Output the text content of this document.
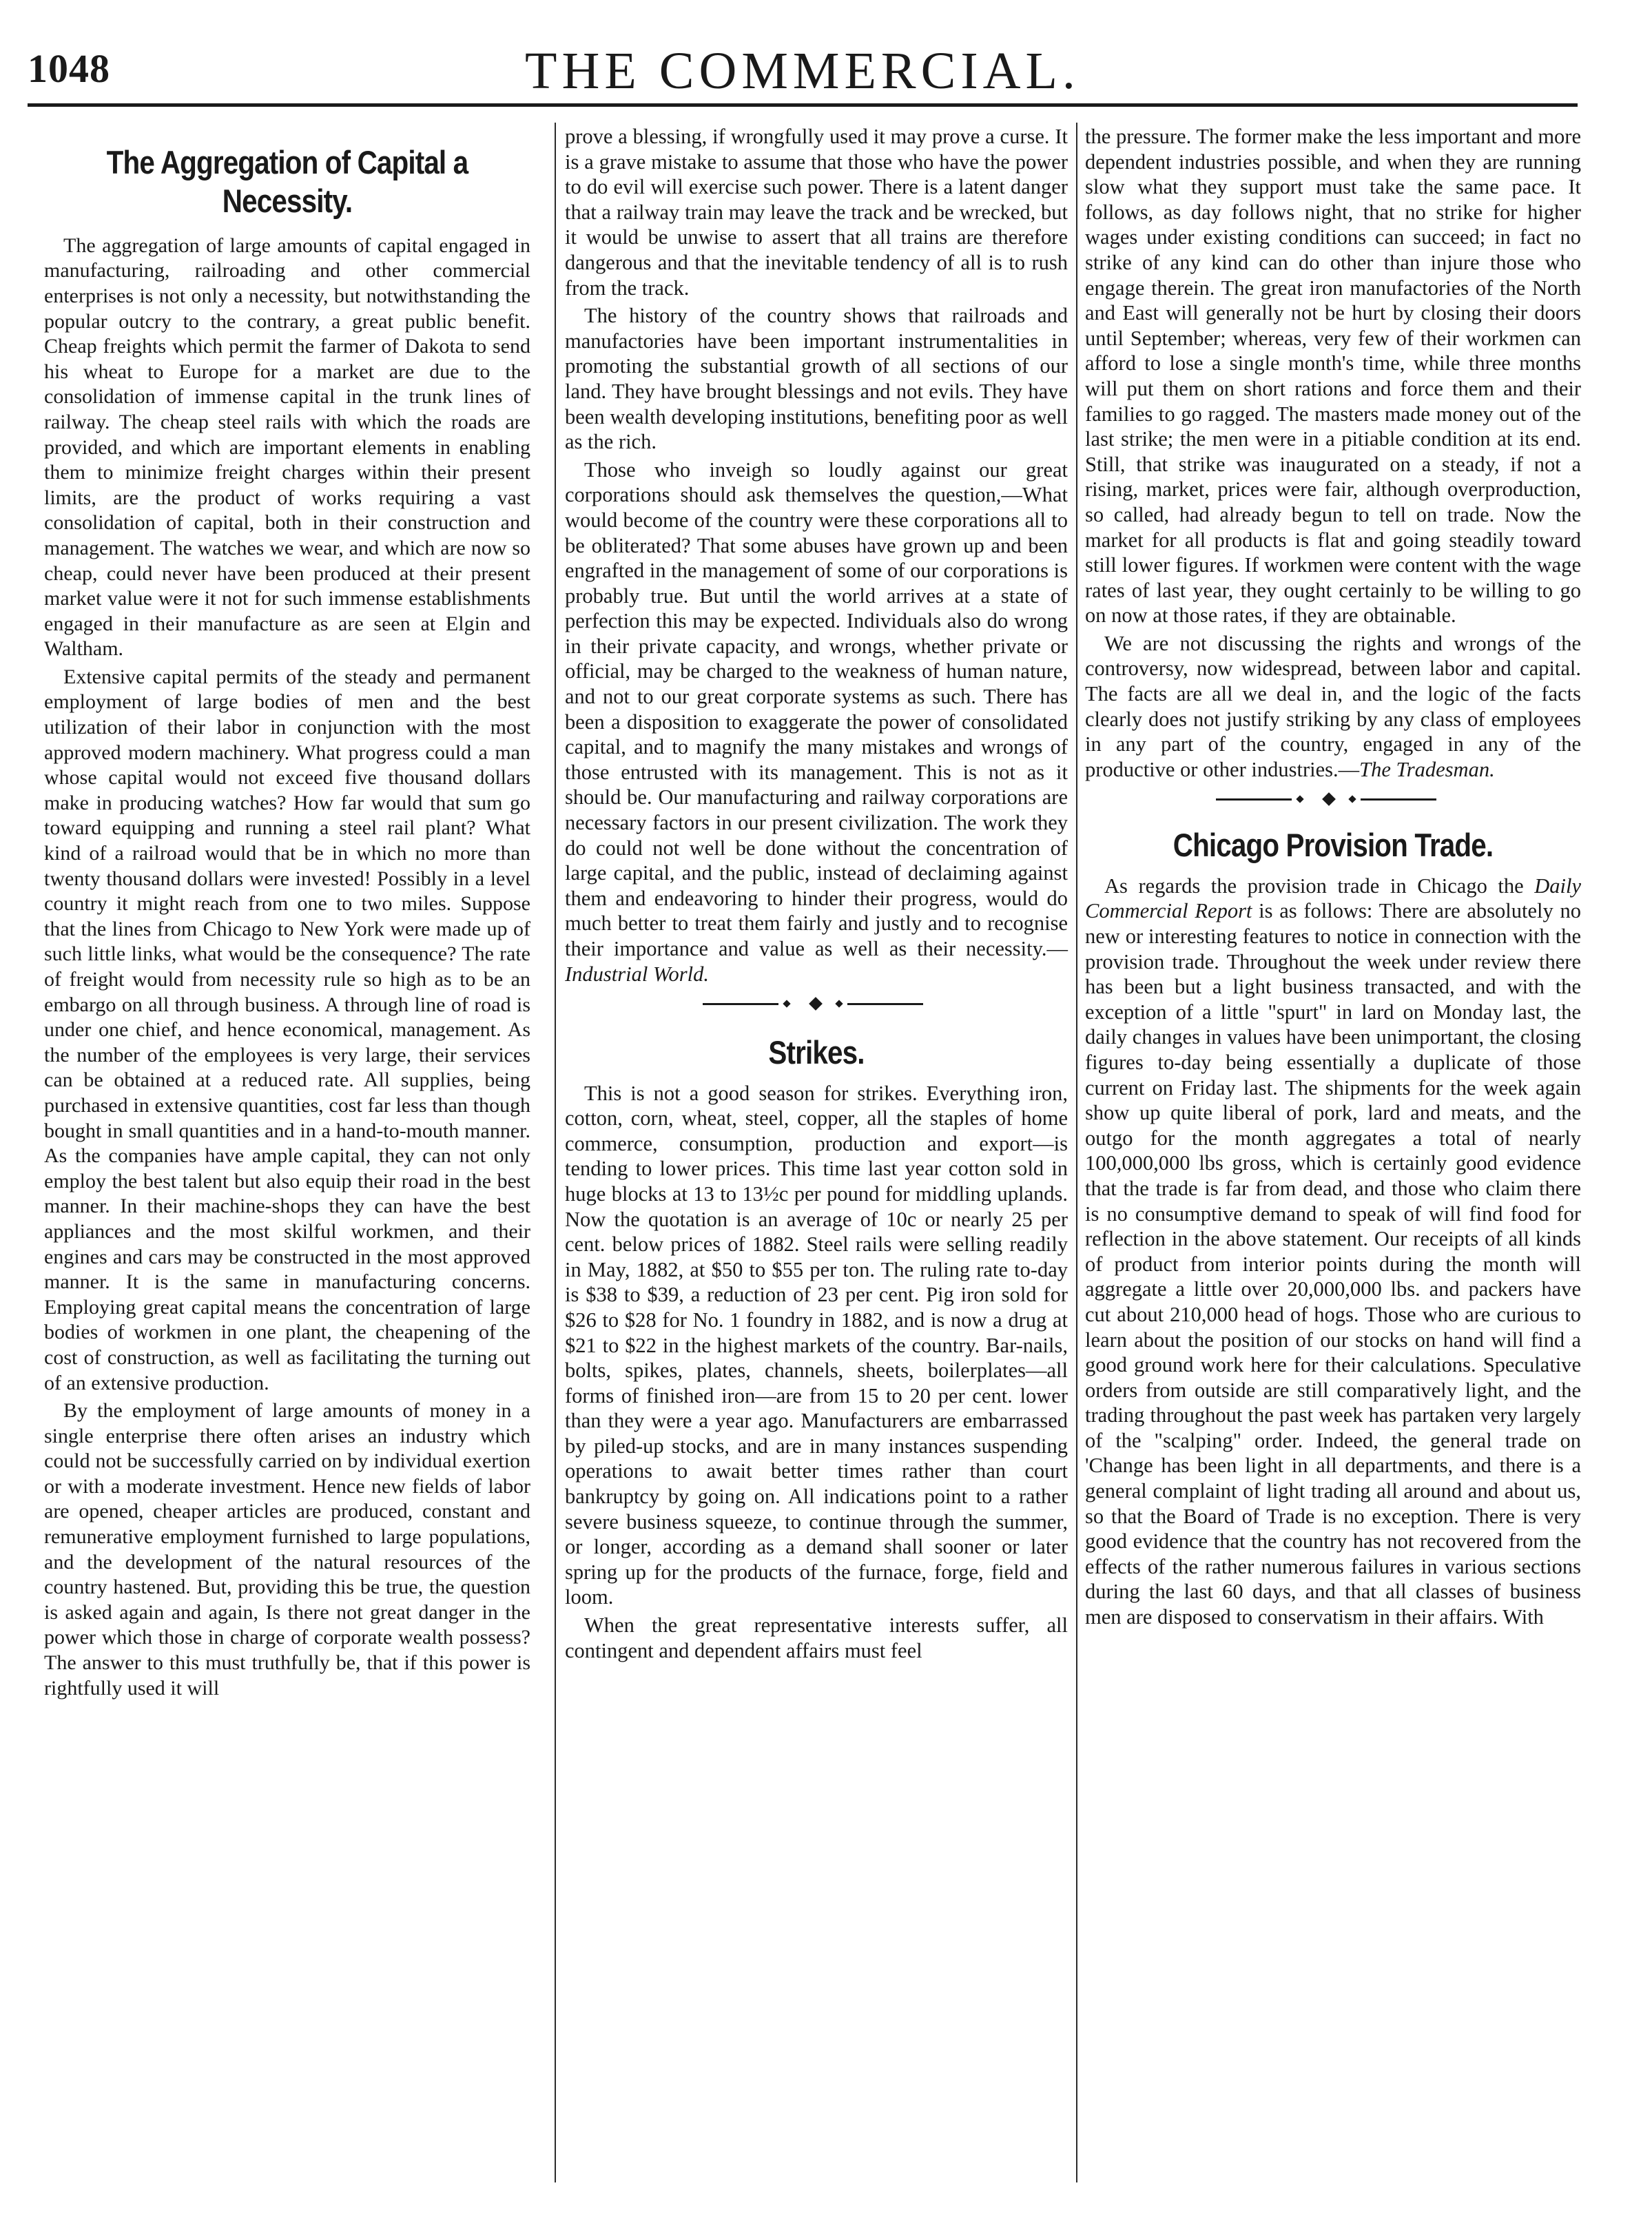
1048	THE COMMERCIAL.
The Aggregation of Capital a Necessity.

The aggregation of large amounts of capital engaged in manufacturing, railroading and other commercial enterprises is not only a necessity, but notwithstanding the popular outcry to the contrary, a great public benefit. Cheap freights which permit the farmer of Dakota to send his wheat to Europe for a market are due to the consolidation of immense capital in the trunk lines of railway. The cheap steel rails with which the roads are provided, and which are important elements in enabling them to minimize freight charges within their present limits, are the product of works requiring a vast consolidation of capital, both in their construction and management. The watches we wear, and which are now so cheap, could never have been produced at their present market value were it not for such immense establishments engaged in their manufacture as are seen at Elgin and Waltham.

Extensive capital permits of the steady and permanent employment of large bodies of men and the best utilization of their labor in conjunction with the most approved modern machinery. What progress could a man whose capital would not exceed five thousand dollars make in producing watches? How far would that sum go toward equipping and running a steel rail plant? What kind of a railroad would that be in which no more than twenty thousand dollars were invested! Possibly in a level country it might reach from one to two miles. Suppose that the lines from Chicago to New York were made up of such little links, what would be the consequence? The rate of freight would from necessity rule so high as to be an embargo on all through business. A through line of road is under one chief, and hence economical, management. As the number of the employees is very large, their services can be obtained at a reduced rate. All supplies, being purchased in extensive quantities, cost far less than though bought in small quantities and in a hand-to-mouth manner. As the companies have ample capital, they can not only employ the best talent but also equip their road in the best manner. In their machine-shops they can have the best appliances and the most skilful workmen, and their engines and cars may be constructed in the most approved manner. It is the same in manufacturing concerns. Employing great capital means the concentration of large bodies of workmen in one plant, the cheapening of the cost of construction, as well as facilitating the turning out of an extensive production.

By the employment of large amounts of money in a single enterprise there often arises an industry which could not be successfully carried on by individual exertion or with a moderate investment. Hence new fields of labor are opened, cheaper articles are produced, constant and remunerative employment furnished to large populations, and the development of the natural resources of the country hastened. But, providing this be true, the question is asked again and again, Is there not great danger in the power which those in charge of corporate wealth possess? The answer to this must truthfully be, that if this power is rightfully used it will

prove a blessing, if wrongfully used it may prove a curse. It is a grave mistake to assume that those who have the power to do evil will exercise such power. There is a latent danger that a railway train may leave the track and be wrecked, but it would be unwise to assert that all trains are therefore dangerous and that the inevitable tendency of all is to rush from the track.

The history of the country shows that railroads and manufactories have been important instrumentalities in promoting the substantial growth of all sections of our land. They have brought blessings and not evils. They have been wealth developing institutions, benefiting poor as well as the rich.

Those who inveigh so loudly against our great corporations should ask themselves the question,—What would become of the country were these corporations all to be obliterated? That some abuses have grown up and been engrafted in the management of some of our corporations is probably true. But until the world arrives at a state of perfection this may be expected. Individuals also do wrong in their private capacity, and wrongs, whether private or official, may be charged to the weakness of human nature, and not to our great corporate systems as such. There has been a disposition to exaggerate the power of consolidated capital, and to magnify the many mistakes and wrongs of those entrusted with its management. This is not as it should be. Our manufacturing and railway corporations are necessary factors in our present civilization. The work they do could not well be done without the concentration of large capital, and the public, instead of declaiming against them and endeavoring to hinder their progress, would do much better to treat them fairly and justly and to recognise their importance and value as well as their necessity.—Industrial World.

Strikes.

This is not a good season for strikes. Everything iron, cotton, corn, wheat, steel, copper, all the staples of home commerce, consumption, production and export—is tending to lower prices. This time last year cotton sold in huge blocks at 13 to 13½c per pound for middling uplands. Now the quotation is an average of 10c or nearly 25 per cent. below prices of 1882. Steel rails were selling readily in May, 1882, at $50 to $55 per ton. The ruling rate to-day is $38 to $39, a reduction of 23 per cent. Pig iron sold for $26 to $28 for No. 1 foundry in 1882, and is now a drug at $21 to $22 in the highest markets of the country. Bar-nails, bolts, spikes, plates, channels, sheets, boilerplates—all forms of finished iron—are from 15 to 20 per cent. lower than they were a year ago. Manufacturers are embarrassed by piled-up stocks, and are in many instances suspending operations to await better times rather than court bankruptcy by going on. All indications point to a rather severe business squeeze, to continue through the summer, or longer, according as a demand shall sooner or later spring up for the products of the furnace, forge, field and loom.

When the great representative interests suffer, all contingent and dependent affairs must feel

the pressure. The former make the less important and more dependent industries possible, and when they are running slow what they support must take the same pace. It follows, as day follows night, that no strike for higher wages under existing conditions can succeed; in fact no strike of any kind can do other than injure those who engage therein. The great iron manufactories of the North and East will generally not be hurt by closing their doors until September; whereas, very few of their workmen can afford to lose a single month's time, while three months will put them on short rations and force them and their families to go ragged. The masters made money out of the last strike; the men were in a pitiable condition at its end. Still, that strike was inaugurated on a steady, if not a rising, market, prices were fair, although overproduction, so called, had already begun to tell on trade. Now the market for all products is flat and going steadily toward still lower figures. If workmen were content with the wage rates of last year, they ought certainly to be willing to go on now at those rates, if they are obtainable.

We are not discussing the rights and wrongs of the controversy, now widespread, between labor and capital. The facts are all we deal in, and the logic of the facts clearly does not justify striking by any class of employees in any part of the country, engaged in any of the productive or other industries.—The Tradesman.

Chicago Provision Trade.

As regards the provision trade in Chicago the Daily Commercial Report is as follows: There are absolutely no new or interesting features to notice in connection with the provision trade. Throughout the week under review there has been but a light business transacted, and with the exception of a little "spurt" in lard on Monday last, the daily changes in values have been unimportant, the closing figures to-day being essentially a duplicate of those current on Friday last. The shipments for the week again show up quite liberal of pork, lard and meats, and the outgo for the month aggregates a total of nearly 100,000,000 lbs gross, which is certainly good evidence that the trade is far from dead, and those who claim there is no consumptive demand to speak of will find food for reflection in the above statement. Our receipts of all kinds of product from interior points during the month will aggregate a little over 20,000,000 lbs. and packers have cut about 210,000 head of hogs. Those who are curious to learn about the position of our stocks on hand will find a good ground work here for their calculations. Speculative orders from outside are still comparatively light, and the trading throughout the past week has partaken very largely of the "scalping" order. Indeed, the general trade on 'Change has been light in all departments, and there is a general complaint of light trading all around and about us, so that the Board of Trade is no exception. There is very good evidence that the country has not recovered from the effects of the rather numerous failures in various sections during the last 60 days, and that all classes of business men are disposed to conservatism in their affairs. With
